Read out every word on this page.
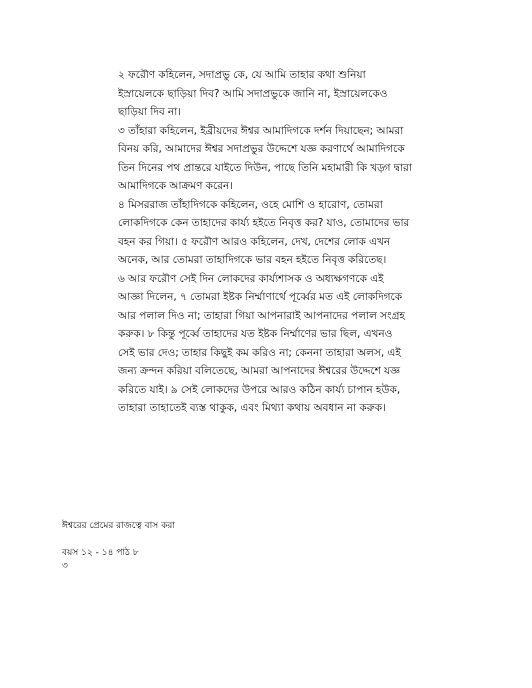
২ ফরৌণ কহিলেন, সদাপ্রভু কে, যে আমি তাহার কথা শুনিয়া
ইস্রায়েলকে ছাড়িয়া দিব? আমি সদাপ্রভুকে জানি না, ইস্রায়েলকেও
ছাড়িয়া দিব না।
৩ তাঁহারা কহিলেন, ইব্রীয়দের ঈশ্বর আমাদিগকে দর্শন দিয়াছেন; আমরা
বিনয় করি, আমাদের ঈশ্বর সদাপ্রভুর উদ্দেশে যজ্ঞ করণার্থে আমাদিগকে
তিন দিনের পথ প্রান্তরে যাইতে দিউন, পাছে তিনি মহামারী কি খড়্গ দ্বারা
আমাদিগকে আক্রমণ করেন।
৪ মিসররাজ তাঁহাদিগকে কহিলেন, ওহে মোশি ও হারোণ, তোমরা
লোকদিগকে কেন তাহাদের কার্য্য হইতে নিবৃত্ত কর? যাও, তোমাদের ভার
বহন কর গিয়া। ৫ ফরৌণ আরও কহিলেন, দেখ, দেশের লোক এখন
অনেক, আর তোমরা তাহাদিগকে ভার বহন হইতে নিবৃত্ত করিতেছ।
৬ আর ফরৌণ সেই দিন লোকদের কার্য্যশাসক ও অধ্যক্ষগণকে এই
আজ্ঞা দিলেন, ৭ তোমরা ইষ্টক নির্ম্মাণার্থে পূর্ব্বের মত এই লোকদিগকে
আর পলাল দিও না; তাহারা গিয়া আপনারাই আপনাদের পলাল সংগ্রহ
করুক। ৮ কিন্তু পূর্ব্বে তাহাদের যত ইষ্টক নির্ম্মাণের ভার ছিল, এখনও
সেই ভার দেও; তাহার কিছুই কম করিও না; কেননা তাহারা অলস, এই
জন্য ক্রন্দন করিয়া বলিতেছে, আমরা আপনাদের ঈশ্বরের উদ্দেশে যজ্ঞ
করিতে যাই। ৯ সেই লোকদের উপরে আরও কঠিন কার্য্য চাপান হউক,
তাহারা তাহাতেই ব্যস্ত থাকুক, এবং মিথ্যা কথায় অবধান না করুক।
ঈশ্বরের প্রেমের রাজত্বে বাস করা
বয়স ১২ - ১৪ পাঠ ৮
৩
